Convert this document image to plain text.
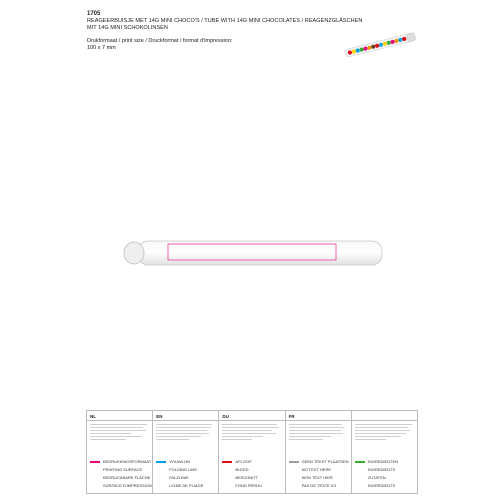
1705
REAGEERBUISJE MET 14G MINI CHOCO'S / TUBE WITH 14G MINI CHOCOLATES / REAGENZGLÄSCHEN
MIT 14G MINI SCHOKOLINSEN
Drukformaat / print size / Druckformat / format d'impression:
100 x 7 mm
NL
BEDRUKKINGSFORMAAT
PRINTING SURFACE
BEDRUCKBARE FLÄCHE
SURFACE D'IMPRESSION
EN
VOUWLIJN
FOLDING LINE
FALZLINIE
LIGNE DE PLIAGE
DU
AFLOOP
BLEED
BESCHNITT
FOND PERDU
FR
GEEN TEKST PLAATSEN
NO TEXT HERE
KEIN TEXT HIER
PAS DE TEXTE ICI
INGREDIENTEN
INGREDIENTS
ZUTATEN
INGRÉDIENTS
